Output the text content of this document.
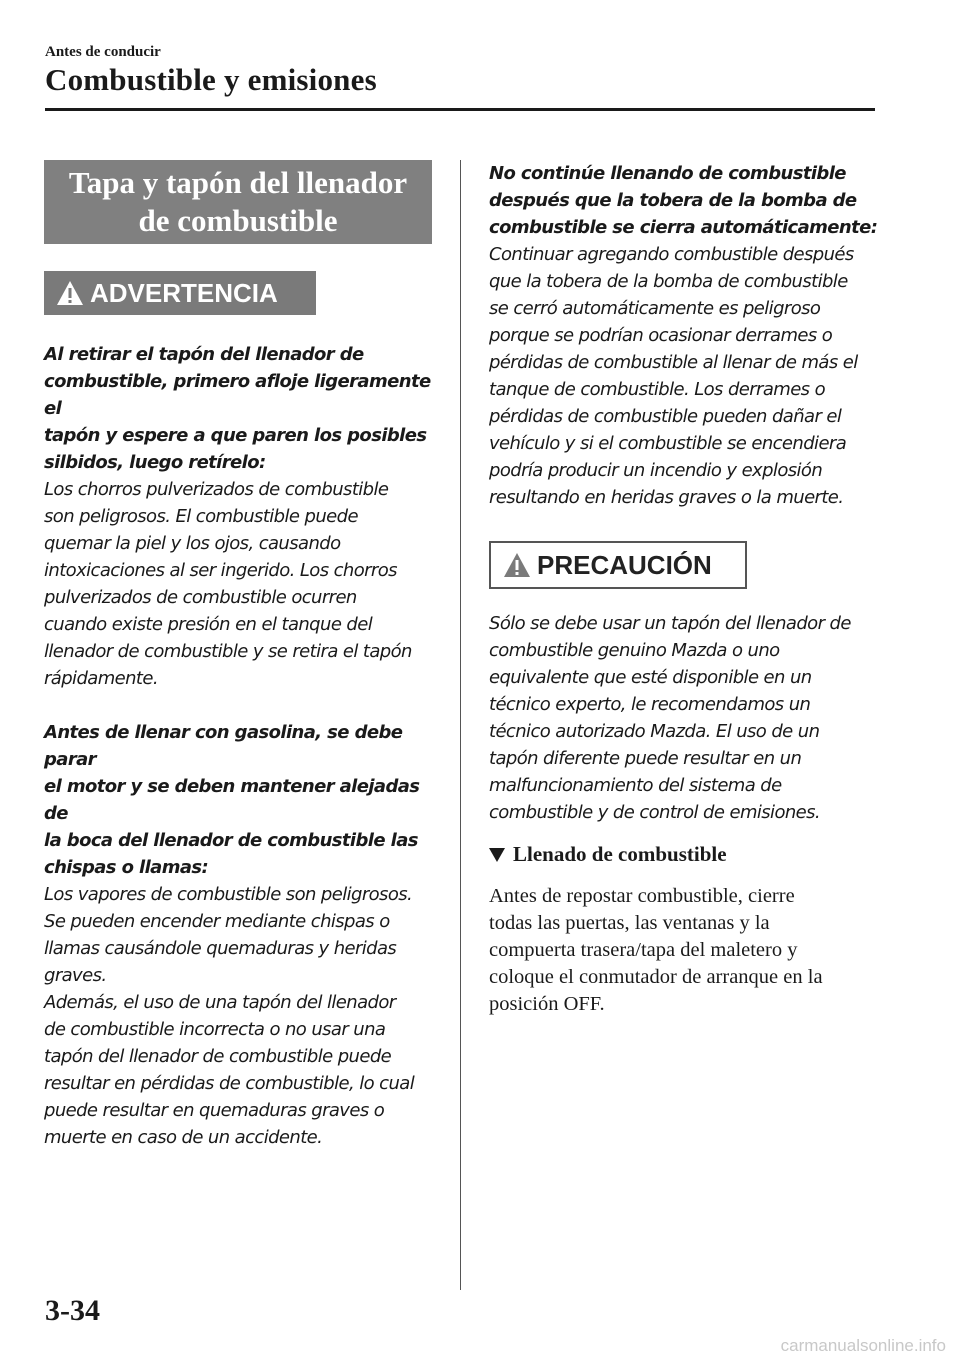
Antes de conducir
Combustible y emisiones
Tapa y tapón del llenador
de combustible
ADVERTENCIA
Al retirar el tapón del llenador de
combustible, primero afloje ligeramente el
tapón y espere a que paren los posibles
silbidos, luego retírelo:
Los chorros pulverizados de combustible
son peligrosos. El combustible puede
quemar la piel y los ojos, causando
intoxicaciones al ser ingerido. Los chorros
pulverizados de combustible ocurren
cuando existe presión en el tanque del
llenador de combustible y se retira el tapón
rápidamente.
Antes de llenar con gasolina, se debe parar
el motor y se deben mantener alejadas de
la boca del llenador de combustible las
chispas o llamas:
Los vapores de combustible son peligrosos.
Se pueden encender mediante chispas o
llamas causándole quemaduras y heridas
graves.
Además, el uso de una tapón del llenador
de combustible incorrecta o no usar una
tapón del llenador de combustible puede
resultar en pérdidas de combustible, lo cual
puede resultar en quemaduras graves o
muerte en caso de un accidente.
No continúe llenando de combustible
después que la tobera de la bomba de
combustible se cierra automáticamente:
Continuar agregando combustible después
que la tobera de la bomba de combustible
se cerró automáticamente es peligroso
porque se podrían ocasionar derrames o
pérdidas de combustible al llenar de más el
tanque de combustible. Los derrames o
pérdidas de combustible pueden dañar el
vehículo y si el combustible se encendiera
podría producir un incendio y explosión
resultando en heridas graves o la muerte.
PRECAUCIÓN
Sólo se debe usar un tapón del llenador de
combustible genuino Mazda o uno
equivalente que esté disponible en un
técnico experto, le recomendamos un
técnico autorizado Mazda. El uso de un
tapón diferente puede resultar en un
malfuncionamiento del sistema de
combustible y de control de emisiones.
Llenado de combustible
Antes de repostar combustible, cierre
todas las puertas, las ventanas y la
compuerta trasera/tapa del maletero y
coloque el conmutador de arranque en la
posición OFF.
3-34
carmanualsonline.info
